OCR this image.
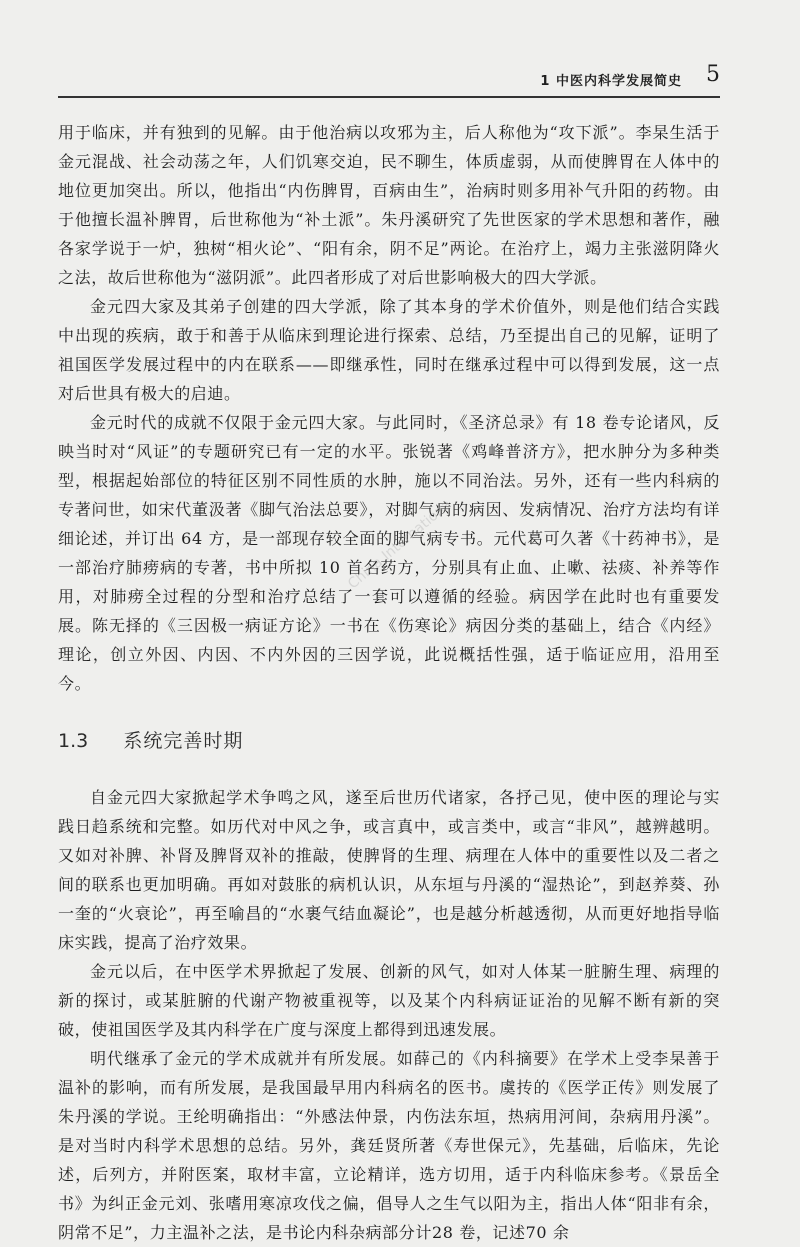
1 中医内科学发展简史 5

用于临床，并有独到的见解。由于他治病以攻邪为主，后人称他为“攻下派”。李杲生活于金元混战、社会动荡之年，人们饥寒交迫，民不聊生，体质虚弱，从而使脾胃在人体中的地位更加突出。所以，他指出“内伤脾胃，百病由生”，治病时则多用补气升阳的药物。由于他擅长温补脾胃，后世称他为“补土派”。朱丹溪研究了先世医家的学术思想和著作，融各家学说于一炉，独树“相火论”、“阳有余，阴不足”两论。在治疗上，竭力主张滋阴降火之法，故后世称他为“滋阴派”。此四者形成了对后世影响极大的四大学派。

金元四大家及其弟子创建的四大学派，除了其本身的学术价值外，则是他们结合实践中出现的疾病，敢于和善于从临床到理论进行探索、总结，乃至提出自己的见解，证明了祖国医学发展过程中的内在联系——即继承性，同时在继承过程中可以得到发展，这一点对后世具有极大的启迪。

金元时代的成就不仅限于金元四大家。与此同时，《圣济总录》有 18 卷专论诸风，反映当时对“风证”的专题研究已有一定的水平。张锐著《鸡峰普济方》，把水肿分为多种类型，根据起始部位的特征区别不同性质的水肿，施以不同治法。另外，还有一些内科病的专著问世，如宋代董汲著《脚气治法总要》，对脚气病的病因、发病情况、治疗方法均有详细论述，并订出 64 方，是一部现存较全面的脚气病专书。元代葛可久著《十药神书》，是一部治疗肺痨病的专著，书中所拟 10 首名药方，分别具有止血、止嗽、祛痰、补养等作用，对肺痨全过程的分型和治疗总结了一套可以遵循的经验。病因学在此时也有重要发展。陈无择的《三因极一病证方论》一书在《伤寒论》病因分类的基础上，结合《内经》理论，创立外因、内因、不内外因的三因学说，此说概括性强，适于临证应用，沿用至今。

1.3 系统完善时期

自金元四大家掀起学术争鸣之风，遂至后世历代诸家，各抒己见，使中医的理论与实践日趋系统和完整。如历代对中风之争，或言真中，或言类中，或言“非风”，越辨越明。又如对补脾、补肾及脾肾双补的推敲，使脾肾的生理、病理在人体中的重要性以及二者之间的联系也更加明确。再如对鼓胀的病机认识，从东垣与丹溪的“湿热论”，到赵养葵、孙一奎的“火衰论”，再至喻昌的“水裹气结血凝论”，也是越分析越透彻，从而更好地指导临床实践，提高了治疗效果。

金元以后，在中医学术界掀起了发展、创新的风气，如对人体某一脏腑生理、病理的新的探讨，或某脏腑的代谢产物被重视等，以及某个内科病证证治的见解不断有新的突破，使祖国医学及其内科学在广度与深度上都得到迅速发展。

明代继承了金元的学术成就并有所发展。如薛己的《内科摘要》在学术上受李杲善于温补的影响，而有所发展，是我国最早用内科病名的医书。虞抟的《医学正传》则发展了朱丹溪的学说。王纶明确指出：“外感法仲景，内伤法东垣，热病用河间，杂病用丹溪”。是对当时内科学术思想的总结。另外，龚廷贤所著《寿世保元》，先基础，后临床，先论述，后列方，并附医案，取材丰富，立论精详，选方切用，适于内科临床参考。《景岳全书》为纠正金元刘、张嗜用寒凉攻伐之偏，倡导人之生气以阳为主，指出人体“阳非有余，阴常不足”，力主温补之法，是书论内科杂病部分计28 卷，记述70 余

China Internationa
